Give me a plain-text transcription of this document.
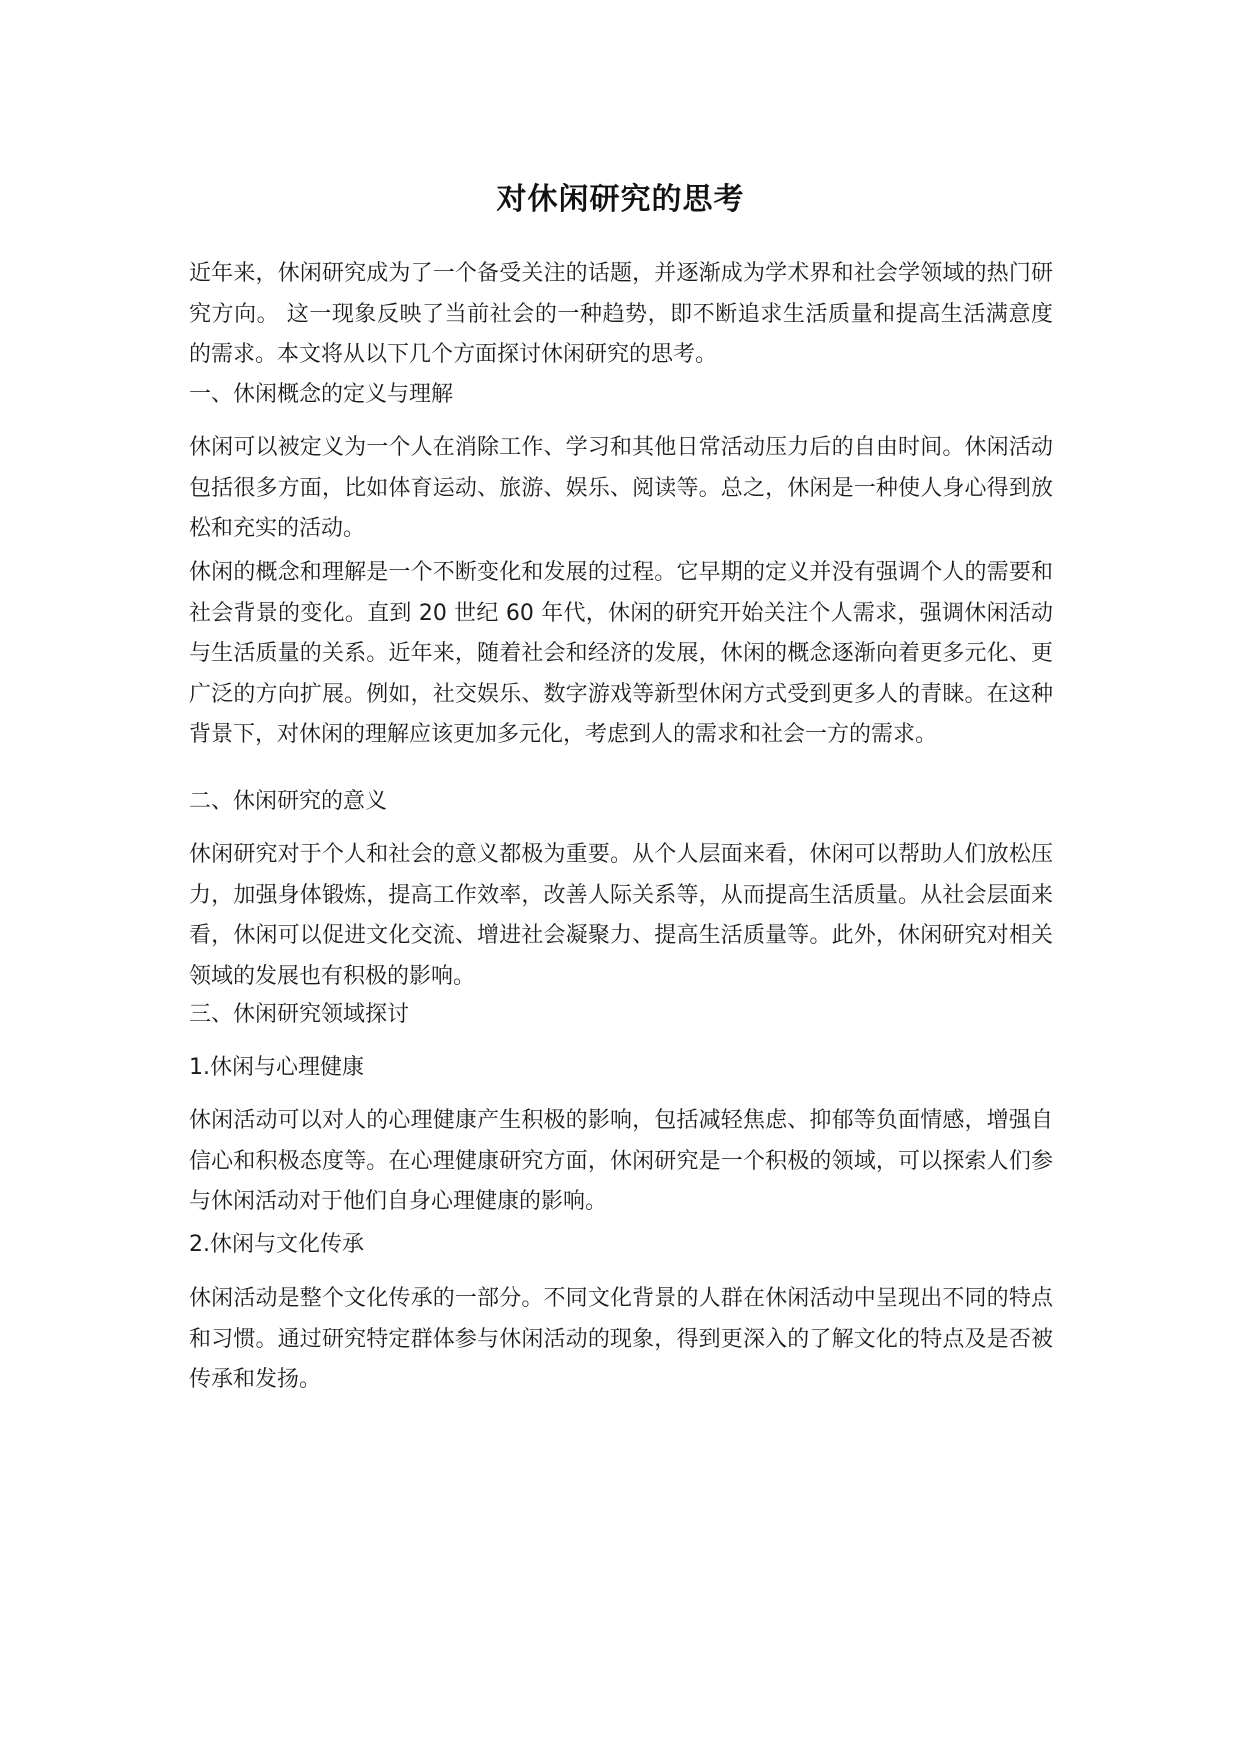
对休闲研究的思考

近年来，休闲研究成为了一个备受关注的话题，并逐渐成为学术界和社会学领域的热门研究方向。 这一现象反映了当前社会的一种趋势，即不断追求生活质量和提高生活满意度的需求。本文将从以下几个方面探讨休闲研究的思考。

一、休闲概念的定义与理解

休闲可以被定义为一个人在消除工作、学习和其他日常活动压力后的自由时间。休闲活动包括很多方面，比如体育运动、旅游、娱乐、阅读等。总之，休闲是一种使人身心得到放松和充实的活动。

休闲的概念和理解是一个不断变化和发展的过程。它早期的定义并没有强调个人的需要和社会背景的变化。直到 20 世纪 60 年代，休闲的研究开始关注个人需求，强调休闲活动与生活质量的关系。近年来，随着社会和经济的发展，休闲的概念逐渐向着更多元化、更广泛的方向扩展。例如，社交娱乐、数字游戏等新型休闲方式受到更多人的青睐。在这种背景下，对休闲的理解应该更加多元化，考虑到人的需求和社会一方的需求。

二、休闲研究的意义

休闲研究对于个人和社会的意义都极为重要。从个人层面来看，休闲可以帮助人们放松压力，加强身体锻炼，提高工作效率，改善人际关系等，从而提高生活质量。从社会层面来看，休闲可以促进文化交流、增进社会凝聚力、提高生活质量等。此外，休闲研究对相关领域的发展也有积极的影响。

三、休闲研究领域探讨

1.休闲与心理健康

休闲活动可以对人的心理健康产生积极的影响，包括减轻焦虑、抑郁等负面情感，增强自信心和积极态度等。在心理健康研究方面，休闲研究是一个积极的领域，可以探索人们参与休闲活动对于他们自身心理健康的影响。

2.休闲与文化传承

休闲活动是整个文化传承的一部分。不同文化背景的人群在休闲活动中呈现出不同的特点和习惯。通过研究特定群体参与休闲活动的现象，得到更深入的了解文化的特点及是否被传承和发扬。
